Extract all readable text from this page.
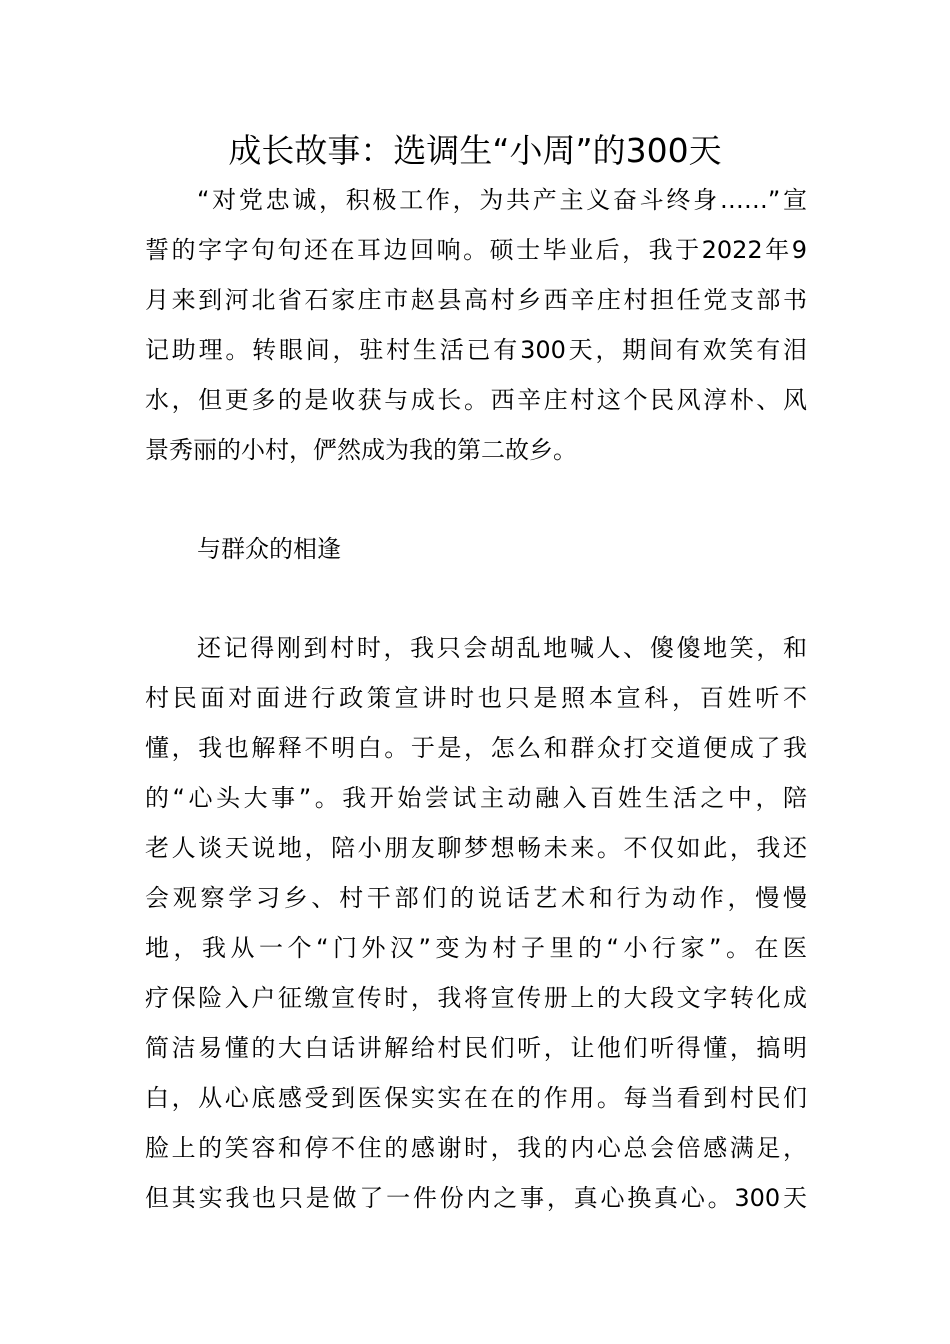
成长故事：选调生“小周”的300天
“对党忠诚，积极工作，为共产主义奋斗终身……”宣
誓的字字句句还在耳边回响。硕士毕业后，我于2022年9
月来到河北省石家庄市赵县高村乡西辛庄村担任党支部书
记助理。转眼间，驻村生活已有300天，期间有欢笑有泪
水，但更多的是收获与成长。西辛庄村这个民风淳朴、风
景秀丽的小村，俨然成为我的第二故乡。
与群众的相逢
还记得刚到村时，我只会胡乱地喊人、傻傻地笑，和
村民面对面进行政策宣讲时也只是照本宣科，百姓听不
懂，我也解释不明白。于是，怎么和群众打交道便成了我
的“心头大事”。我开始尝试主动融入百姓生活之中，陪
老人谈天说地，陪小朋友聊梦想畅未来。不仅如此，我还
会观察学习乡、村干部们的说话艺术和行为动作，慢慢
地，我从一个“门外汉”变为村子里的“小行家”。在医
疗保险入户征缴宣传时，我将宣传册上的大段文字转化成
简洁易懂的大白话讲解给村民们听，让他们听得懂，搞明
白，从心底感受到医保实实在在的作用。每当看到村民们
脸上的笑容和停不住的感谢时，我的内心总会倍感满足，
但其实我也只是做了一件份内之事，真心换真心。300天
